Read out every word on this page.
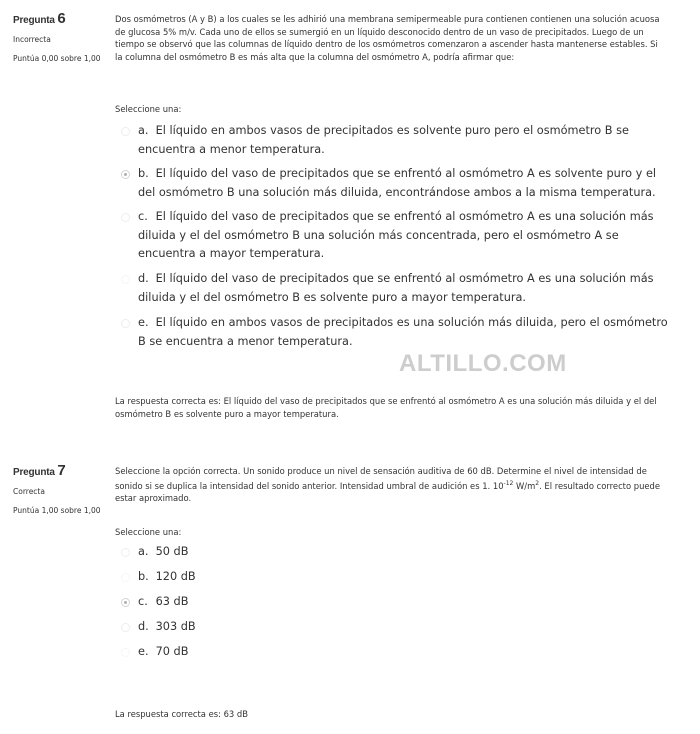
Pregunta 6
Incorrecta
Puntúa 0,00 sobre 1,00
Dos osmómetros (A y B) a los cuales se les adhirió una membrana semipermeable pura contienen contienen una solución acuosa de glucosa 5% m/v. Cada uno de ellos se sumergió en un líquido desconocido dentro de un vaso de precipitados. Luego de un tiempo se observó que las columnas de líquido dentro de los osmómetros comenzaron a ascender hasta mantenerse estables. Si la columna del osmómetro B es más alta que la columna del osmómetro A, podría afirmar que:
Seleccione una:
a. El líquido en ambos vasos de precipitados es solvente puro pero el osmómetro B se encuentra a menor temperatura.
b. El líquido del vaso de precipitados que se enfrentó al osmómetro A es solvente puro y el del osmómetro B una solución más diluida, encontrándose ambos a la misma temperatura.
c. El líquido del vaso de precipitados que se enfrentó al osmómetro A es una solución más diluida y el del osmómetro B una solución más concentrada, pero el osmómetro A se encuentra a mayor temperatura.
d. El líquido del vaso de precipitados que se enfrentó al osmómetro A es una solución más diluida y el del osmómetro B es solvente puro a mayor temperatura.
e. El líquido en ambos vasos de precipitados es una solución más diluida, pero el osmómetro B se encuentra a menor temperatura.
La respuesta correcta es: El líquido del vaso de precipitados que se enfrentó al osmómetro A es una solución más diluida y el del osmómetro B es solvente puro a mayor temperatura.
ALTILLO.COM
Pregunta 7
Correcta
Puntúa 1,00 sobre 1,00
Seleccione la opción correcta. Un sonido produce un nivel de sensación auditiva de 60 dB. Determine el nivel de intensidad de sonido si se duplica la intensidad del sonido anterior. Intensidad umbral de audición es 1. $10^{-12}$ $W/m^2$. El resultado correcto puede estar aproximado.
Seleccione una:
a. 50 dB
b. 120 dB
c. 63 dB
d. 303 dB
e. 70 dB
La respuesta correcta es: 63 dB
